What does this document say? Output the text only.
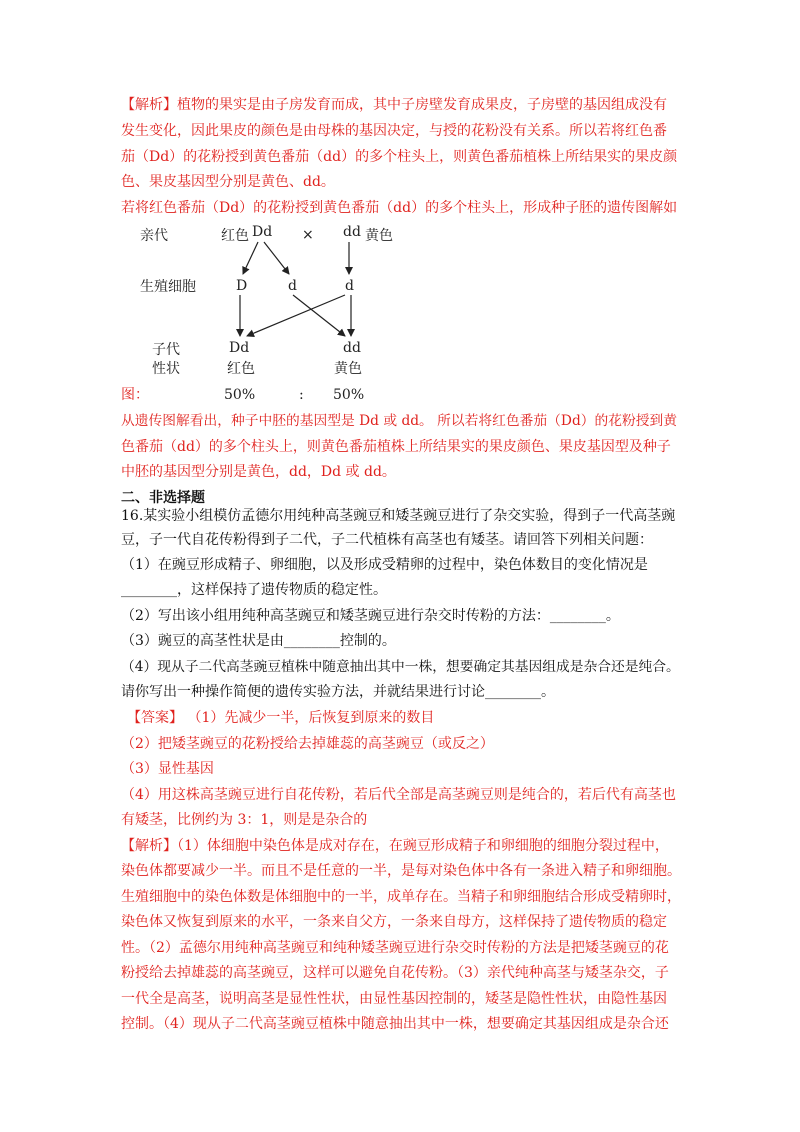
【解析】植物的果实是由子房发育而成，其中子房壁发育成果皮，子房壁的基因组成没有
发生变化，因此果皮的颜色是由母株的基因决定，与授的花粉没有关系。所以若将红色番
茄（Dd）的花粉授到黄色番茄（dd）的多个柱头上，则黄色番茄植株上所结果实的果皮颜
色、果皮基因型分别是黄色、dd。
若将红色番茄（Dd）的花粉授到黄色番茄（dd）的多个柱头上，形成种子胚的遗传图解如
亲代	红色 Dd × dd 黄色
生殖细胞	D	d	d
子代	Dd	dd
性状	红色	黄色
50%	: 50%
图：
从遗传图解看出，种子中胚的基因型是 Dd 或 dd。 所以若将红色番茄（Dd）的花粉授到黄
色番茄（dd）的多个柱头上，则黄色番茄植株上所结果实的果皮颜色、果皮基因型及种子
中胚的基因型分别是黄色，dd，Dd 或 dd。
二、非选择题
16.某实验小组模仿孟德尔用纯种高茎豌豆和矮茎豌豆进行了杂交实验，得到子一代高茎豌
豆，子一代自花传粉得到子二代，子二代植株有高茎也有矮茎。请回答下列相关问题：
（1）在豌豆形成精子、卵细胞，以及形成受精卵的过程中，染色体数目的变化情况是
________，这样保持了遗传物质的稳定性。
（2）写出该小组用纯种高茎豌豆和矮茎豌豆进行杂交时传粉的方法：________。
（3）豌豆的高茎性状是由________控制的。
（4）现从子二代高茎豌豆植株中随意抽出其中一株，想要确定其基因组成是杂合还是纯合。
请你写出一种操作简便的遗传实验方法，并就结果进行讨论________。
【答案】 （1）先减少一半，后恢复到原来的数目
（2）把矮茎豌豆的花粉授给去掉雄蕊的高茎豌豆（或反之）
（3）显性基因
（4）用这株高茎豌豆进行自花传粉，若后代全部是高茎豌豆则是纯合的，若后代有高茎也
有矮茎，比例约为 3：1，则是是杂合的
【解析】（1）体细胞中染色体是成对存在，在豌豆形成精子和卵细胞的细胞分裂过程中，
染色体都要减少一半。而且不是任意的一半，是每对染色体中各有一条进入精子和卵细胞。
生殖细胞中的染色体数是体细胞中的一半，成单存在。当精子和卵细胞结合形成受精卵时，
染色体又恢复到原来的水平，一条来自父方，一条来自母方，这样保持了遗传物质的稳定
性。（2）孟德尔用纯种高茎豌豆和纯种矮茎豌豆进行杂交时传粉的方法是把矮茎豌豆的花
粉授给去掉雄蕊的高茎豌豆，这样可以避免自花传粉。（3）亲代纯种高茎与矮茎杂交，子
一代全是高茎，说明高茎是显性性状，由显性基因控制的，矮茎是隐性性状，由隐性基因
控制。（4）现从子二代高茎豌豆植株中随意抽出其中一株，想要确定其基因组成是杂合还
